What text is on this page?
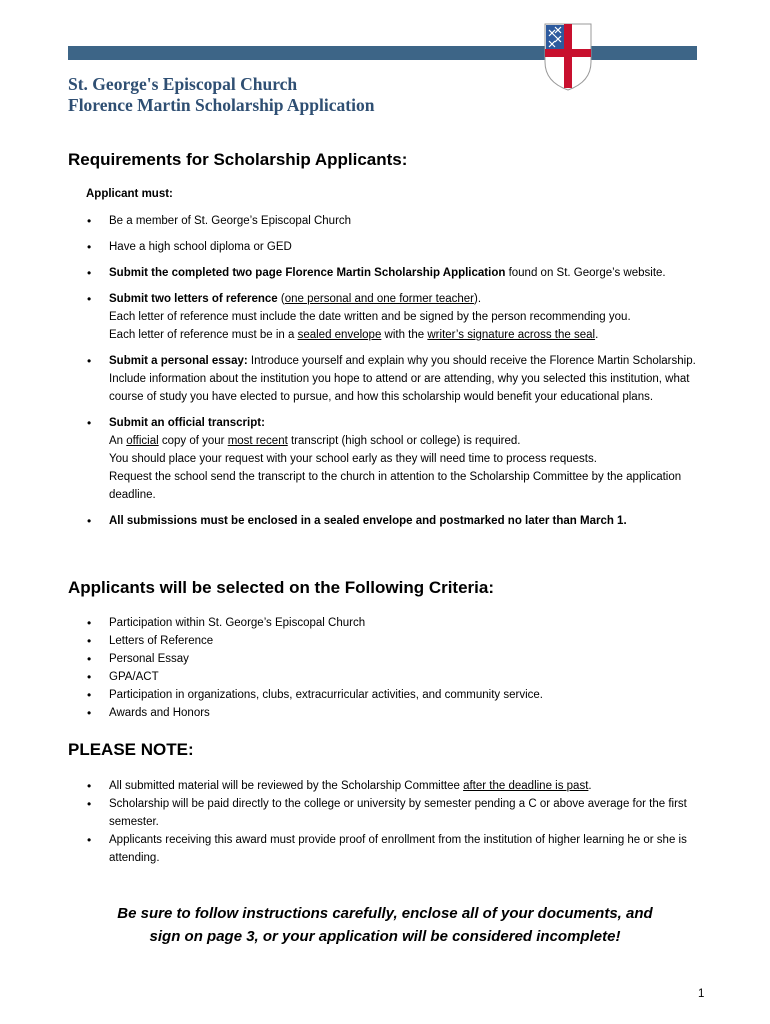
St. George's Episcopal Church
Florence Martin Scholarship Application
Requirements for Scholarship Applicants:
Applicant must:
• Be a member of St. George’s Episcopal Church
• Have a high school diploma or GED
• Submit the completed two page Florence Martin Scholarship Application found on St. George’s website.
• Submit two letters of reference (one personal and one former teacher).
Each letter of reference must include the date written and be signed by the person recommending you.
Each letter of reference must be in a sealed envelope with the writer’s signature across the seal.
• Submit a personal essay: Introduce yourself and explain why you should receive the Florence Martin Scholarship. Include information about the institution you hope to attend or are attending, why you selected this institution, what course of study you have elected to pursue, and how this scholarship would benefit your educational plans.
• Submit an official transcript:
An official copy of your most recent transcript (high school or college) is required.
You should place your request with your school early as they will need time to process requests.
Request the school send the transcript to the church in attention to the Scholarship Committee by the application deadline.
• All submissions must be enclosed in a sealed envelope and postmarked no later than March 1.
Applicants will be selected on the Following Criteria:
• Participation within St. George’s Episcopal Church
• Letters of Reference
• Personal Essay
• GPA/ACT
• Participation in organizations, clubs, extracurricular activities, and community service.
• Awards and Honors
PLEASE NOTE:
• All submitted material will be reviewed by the Scholarship Committee after the deadline is past.
• Scholarship will be paid directly to the college or university by semester pending a C or above average for the first semester.
• Applicants receiving this award must provide proof of enrollment from the institution of higher learning he or she is attending.
Be sure to follow instructions carefully, enclose all of your documents, and
sign on page 3, or your application will be considered incomplete!
1
